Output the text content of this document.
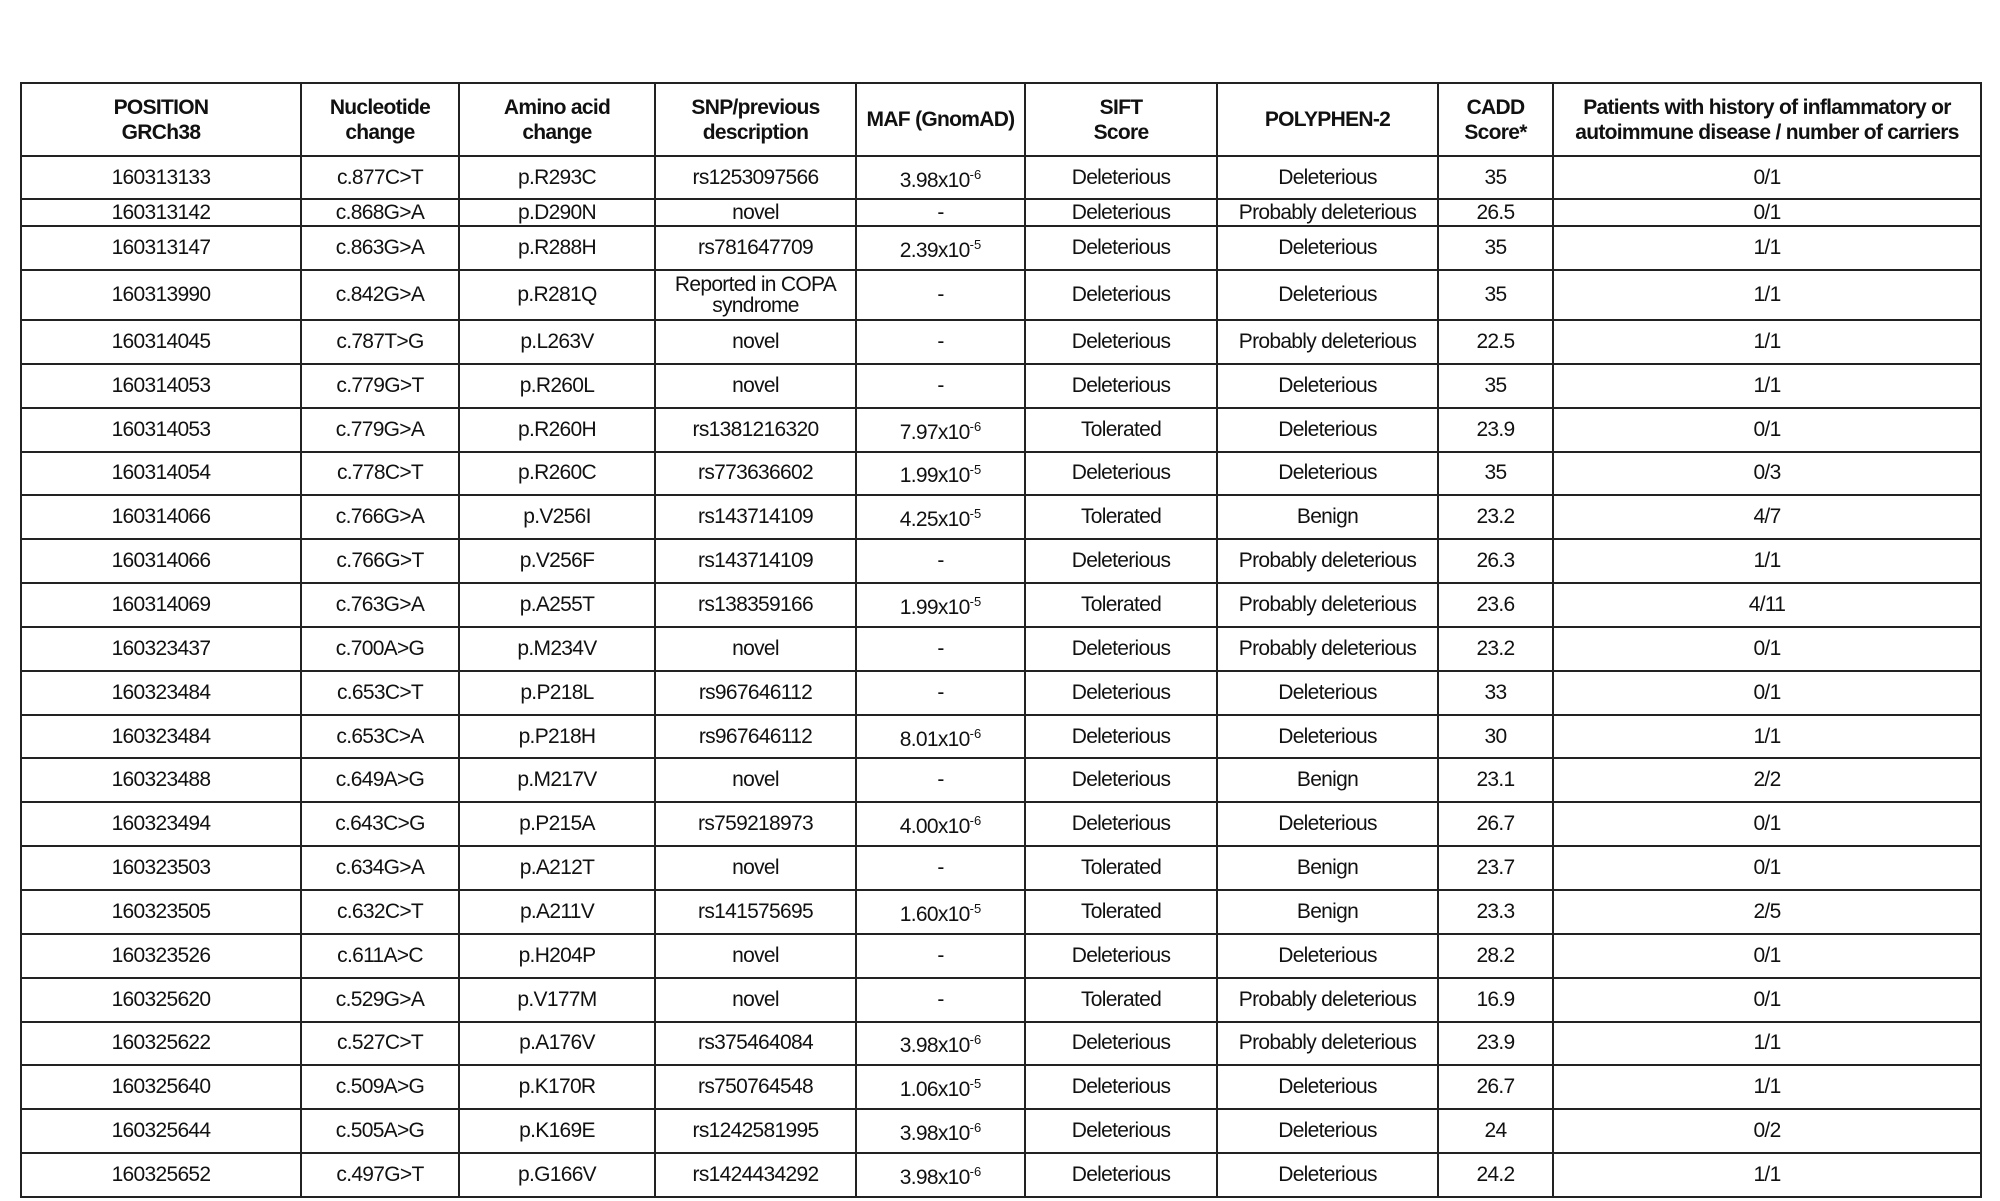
POSITION GRCh38	Nucleotide change	Amino acid change	SNP/previous description	MAF (GnomAD)	SIFT Score	POLYPHEN-2	CADD Score*	Patients with history of inflammatory or autoimmune disease / number of carriers
160313133	c.877C>T	p.R293C	rs1253097566	$3.98x10^{-6}$	Deleterious	Deleterious	35	0/1
160313142	c.868G>A	p.D290N	novel	-	Deleterious	Probably deleterious	26.5	0/1
160313147	c.863G>A	p.R288H	rs781647709	$2.39x10^{-5}$	Deleterious	Deleterious	35	1/1
160313990	c.842G>A	p.R281Q	Reported in COPA syndrome	-	Deleterious	Deleterious	35	1/1
160314045	c.787T>G	p.L263V	novel	-	Deleterious	Probably deleterious	22.5	1/1
160314053	c.779G>T	p.R260L	novel	-	Deleterious	Deleterious	35	1/1
160314053	c.779G>A	p.R260H	rs1381216320	$7.97x10^{-6}$	Tolerated	Deleterious	23.9	0/1
160314054	c.778C>T	p.R260C	rs773636602	$1.99x10^{-5}$	Deleterious	Deleterious	35	0/3
160314066	c.766G>A	p.V256I	rs143714109	$4.25x10^{-5}$	Tolerated	Benign	23.2	4/7
160314066	c.766G>T	p.V256F	rs143714109	-	Deleterious	Probably deleterious	26.3	1/1
160314069	c.763G>A	p.A255T	rs138359166	$1.99x10^{-5}$	Tolerated	Probably deleterious	23.6	4/11
160323437	c.700A>G	p.M234V	novel	-	Deleterious	Probably deleterious	23.2	0/1
160323484	c.653C>T	p.P218L	rs967646112	-	Deleterious	Deleterious	33	0/1
160323484	c.653C>A	p.P218H	rs967646112	$8.01x10^{-6}$	Deleterious	Deleterious	30	1/1
160323488	c.649A>G	p.M217V	novel	-	Deleterious	Benign	23.1	2/2
160323494	c.643C>G	p.P215A	rs759218973	$4.00x10^{-6}$	Deleterious	Deleterious	26.7	0/1
160323503	c.634G>A	p.A212T	novel	-	Tolerated	Benign	23.7	0/1
160323505	c.632C>T	p.A211V	rs141575695	$1.60x10^{-5}$	Tolerated	Benign	23.3	2/5
160323526	c.611A>C	p.H204P	novel	-	Deleterious	Deleterious	28.2	0/1
160325620	c.529G>A	p.V177M	novel	-	Tolerated	Probably deleterious	16.9	0/1
160325622	c.527C>T	p.A176V	rs375464084	$3.98x10^{-6}$	Deleterious	Probably deleterious	23.9	1/1
160325640	c.509A>G	p.K170R	rs750764548	$1.06x10^{-5}$	Deleterious	Deleterious	26.7	1/1
160325644	c.505A>G	p.K169E	rs1242581995	$3.98x10^{-6}$	Deleterious	Deleterious	24	0/2
160325652	c.497G>T	p.G166V	rs1424434292	$3.98x10^{-6}$	Deleterious	Deleterious	24.2	1/1
